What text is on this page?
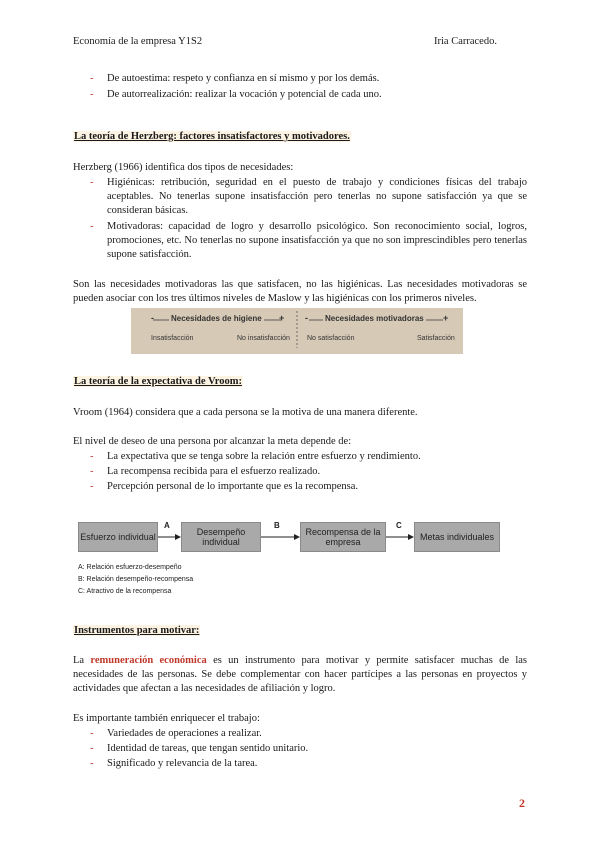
Economía de la empresa Y1S2	Iria Carracedo.
- De autoestima: respeto y confianza en sí mismo y por los demás.
- De autorrealización: realizar la vocación y potencial de cada uno.
La teoría de Herzberg: factores insatisfactores y motivadores.
Herzberg (1966) identifica dos tipos de necesidades:
- Higiénicas: retribución, seguridad en el puesto de trabajo y condiciones físicas del trabajo aceptables. No tenerlas supone insatisfacción pero tenerlas no supone satisfacción ya que se consideran básicas.
- Motivadoras: capacidad de logro y desarrollo psicológico. Son reconocimiento social, logros, promociones, etc. No tenerlas no supone insatisfacción ya que no son imprescindibles pero tenerlas supone satisfacción.
Son las necesidades motivadoras las que satisfacen, no las higiénicas. Las necesidades motivadoras se pueden asociar con los tres últimos niveles de Maslow y las higiénicas con los primeros niveles.
- Necesidades de higiene + - Necesidades motivadoras +
Insatisfacción	No insatisfacción No satisfacción	Satisfacción
La teoría de la expectativa de Vroom:
Vroom (1964) considera que a cada persona se la motiva de una manera diferente.
El nivel de deseo de una persona por alcanzar la meta depende de:
- La expectativa que se tenga sobre la relación entre esfuerzo y rendimiento.
- La recompensa recibida para el esfuerzo realizado.
- Percepción personal de lo importante que es la recompensa.
Esfuerzo individual	Desempeño individual
Recompensa de la empresa	Metas individuales
A	B	C
A: Relación esfuerzo-desempeño
B: Relación desempeño-recompensa
C: Atractivo de la recompensa
Instrumentos para motivar:
La remuneración económica es un instrumento para motivar y permite satisfacer muchas de las necesidades de las personas. Se debe complementar con hacer partícipes a las personas en proyectos y actividades que afectan a las necesidades de afiliación y logro.
Es importante también enriquecer el trabajo:
- Variedades de operaciones a realizar.
- Identidad de tareas, que tengan sentido unitario.
- Significado y relevancia de la tarea.
2
